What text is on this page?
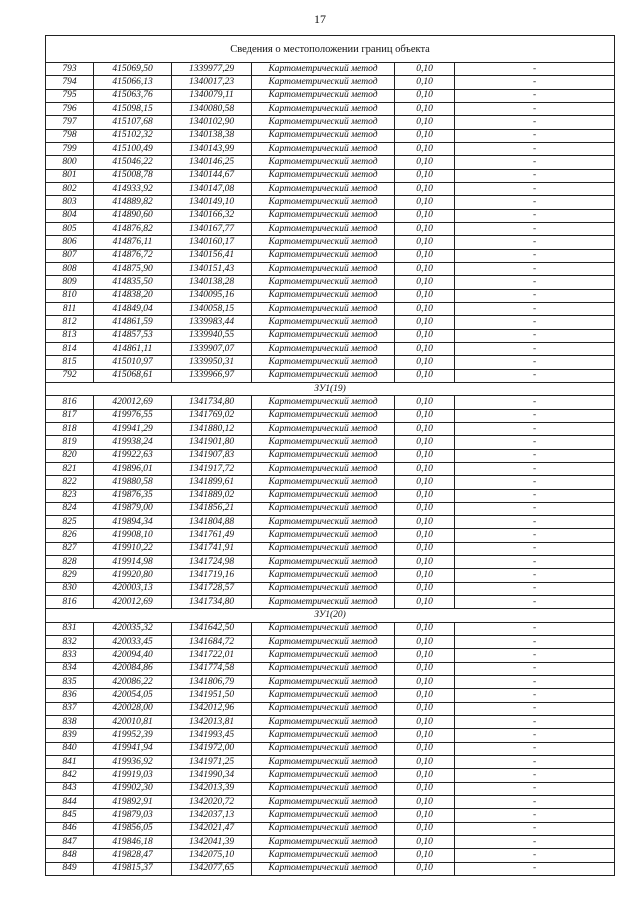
17
Сведения о местоположении границ объекта					
793	415069,50	1339977,29	Картометрический метод	0,10	-
794	415066,13	1340017,23	Картометрический метод	0,10	-
795	415063,76	1340079,11	Картометрический метод	0,10	-
796	415098,15	1340080,58	Картометрический метод	0,10	-
797	415107,68	1340102,90	Картометрический метод	0,10	-
798	415102,32	1340138,38	Картометрический метод	0,10	-
799	415100,49	1340143,99	Картометрический метод	0,10	-
800	415046,22	1340146,25	Картометрический метод	0,10	-
801	415008,78	1340144,67	Картометрический метод	0,10	-
802	414933,92	1340147,08	Картометрический метод	0,10	-
803	414889,82	1340149,10	Картометрический метод	0,10	-
804	414890,60	1340166,32	Картометрический метод	0,10	-
805	414876,82	1340167,77	Картометрический метод	0,10	-
806	414876,11	1340160,17	Картометрический метод	0,10	-
807	414876,72	1340156,41	Картометрический метод	0,10	-
808	414875,90	1340151,43	Картометрический метод	0,10	-
809	414835,50	1340138,28	Картометрический метод	0,10	-
810	414838,20	1340095,16	Картометрический метод	0,10	-
811	414849,04	1340058,15	Картометрический метод	0,10	-
812	414861,59	1339983,44	Картометрический метод	0,10	-
813	414857,53	1339940,55	Картометрический метод	0,10	-
814	414861,11	1339907,07	Картометрический метод	0,10	-
815	415010,97	1339950,31	Картометрический метод	0,10	-
792	415068,61	1339966,97	Картометрический метод	0,10	-
ЗУ1(19)					
816	420012,69	1341734,80	Картометрический метод	0,10	-
817	419976,55	1341769,02	Картометрический метод	0,10	-
818	419941,29	1341880,12	Картометрический метод	0,10	-
819	419938,24	1341901,80	Картометрический метод	0,10	-
820	419922,63	1341907,83	Картометрический метод	0,10	-
821	419896,01	1341917,72	Картометрический метод	0,10	-
822	419880,58	1341899,61	Картометрический метод	0,10	-
823	419876,35	1341889,02	Картометрический метод	0,10	-
824	419879,00	1341856,21	Картометрический метод	0,10	-
825	419894,34	1341804,88	Картометрический метод	0,10	-
826	419908,10	1341761,49	Картометрический метод	0,10	-
827	419910,22	1341741,91	Картометрический метод	0,10	-
828	419914,98	1341724,98	Картометрический метод	0,10	-
829	419920,80	1341719,16	Картометрический метод	0,10	-
830	420003,13	1341728,57	Картометрический метод	0,10	-
816	420012,69	1341734,80	Картометрический метод	0,10	-
ЗУ1(20)					
831	420035,32	1341642,50	Картометрический метод	0,10	-
832	420033,45	1341684,72	Картометрический метод	0,10	-
833	420094,40	1341722,01	Картометрический метод	0,10	-
834	420084,86	1341774,58	Картометрический метод	0,10	-
835	420086,22	1341806,79	Картометрический метод	0,10	-
836	420054,05	1341951,50	Картометрический метод	0,10	-
837	420028,00	1342012,96	Картометрический метод	0,10	-
838	420010,81	1342013,81	Картометрический метод	0,10	-
839	419952,39	1341993,45	Картометрический метод	0,10	-
840	419941,94	1341972,00	Картометрический метод	0,10	-
841	419936,92	1341971,25	Картометрический метод	0,10	-
842	419919,03	1341990,34	Картометрический метод	0,10	-
843	419902,30	1342013,39	Картометрический метод	0,10	-
844	419892,91	1342020,72	Картометрический метод	0,10	-
845	419879,03	1342037,13	Картометрический метод	0,10	-
846	419856,05	1342021,47	Картометрический метод	0,10	-
847	419846,18	1342041,39	Картометрический метод	0,10	-
848	419828,47	1342075,10	Картометрический метод	0,10	-
849	419815,37	1342077,65	Картометрический метод	0,10	-
